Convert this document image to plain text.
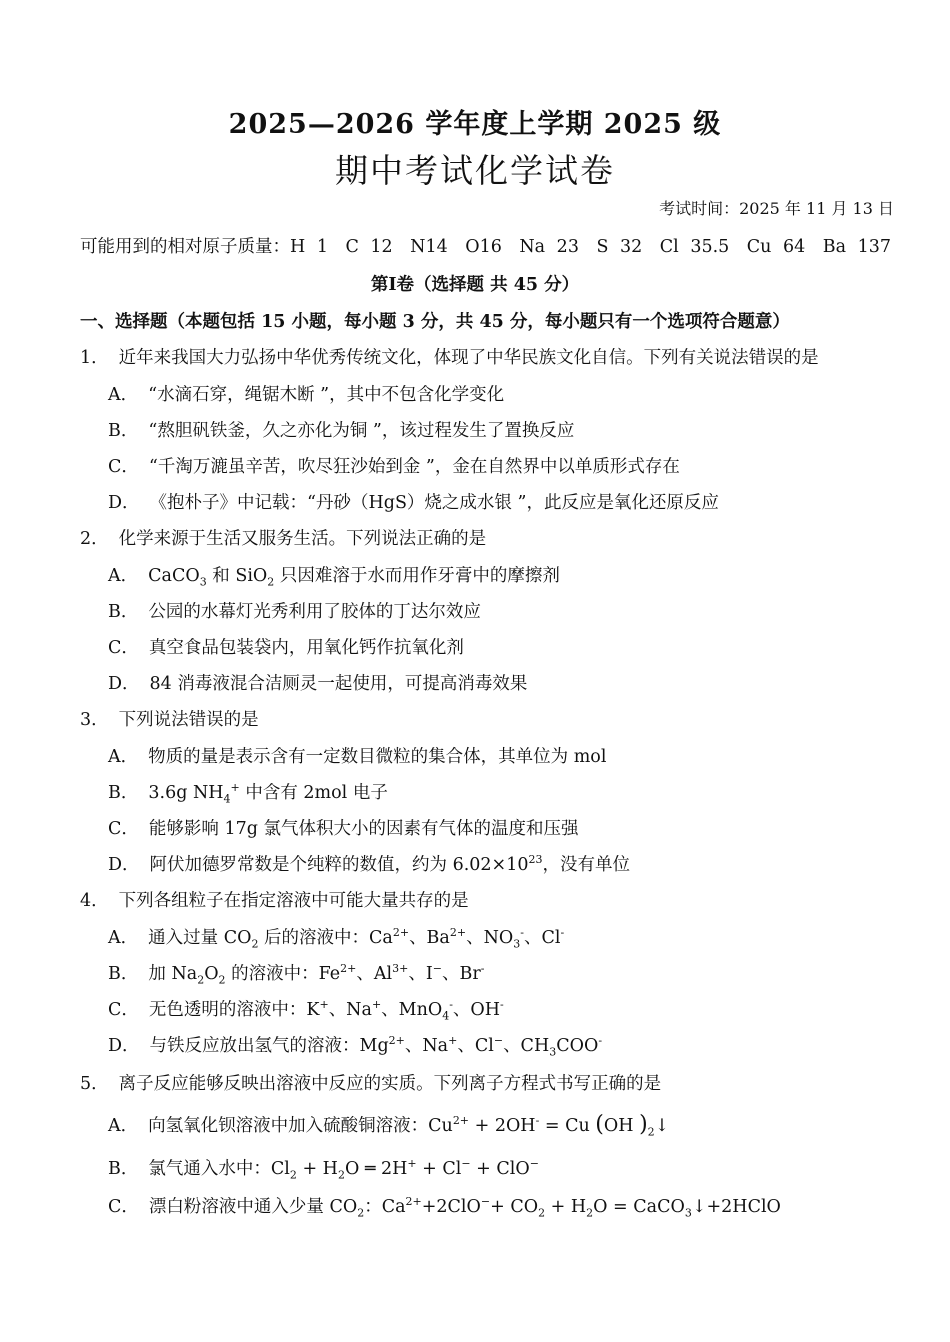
2025—2026 学年度上学期 2025 级
期中考试化学试卷
考试时间：2025 年 11 月 13 日
可能用到的相对原子质量：H 1　C 12　N14　O16　Na 23　S 32　Cl 35.5　Cu 64　Ba 137
第Ⅰ卷（选择题 共 45 分）
一、选择题（本题包括 15 小题，每小题 3 分，共 45 分，每小题只有一个选项符合题意）
1． 近年来我国大力弘扬中华优秀传统文化，体现了中华民族文化自信。下列有关说法错误的是
A． “水滴石穿，绳锯木断 ”，其中不包含化学变化
B． “熬胆矾铁釜，久之亦化为铜 ”，该过程发生了置换反应
C． “千淘万漉虽辛苦，吹尽狂沙始到金 ”，金在自然界中以单质形式存在
D． 《抱朴子》中记载：“丹砂（HgS）烧之成水银 ”，此反应是氧化还原反应
2． 化学来源于生活又服务生活。下列说法正确的是
A． CaCO$_3$ 和 SiO$_2$ 只因难溶于水而用作牙膏中的摩擦剂
B． 公园的水幕灯光秀利用了胶体的丁达尔效应
C． 真空食品包装袋内，用氧化钙作抗氧化剂
D． 84 消毒液混合洁厕灵一起使用，可提高消毒效果
3． 下列说法错误的是
A． 物质的量是表示含有一定数目微粒的集合体，其单位为 mol
B． 3.6g $NH_4^+$ 中含有 2mol 电子
C． 能够影响 17g 氯气体积大小的因素有气体的温度和压强
D． 阿伏加德罗常数是个纯粹的数值，约为 $6.02\times 10^{23}$，没有单位
4． 下列各组粒子在指定溶液中可能大量共存的是
A． 通入过量 $CO_2$ 后的溶液中：$Ca^{2+}$、$Ba^{2+}$、$NO_3^-$、Cl-
B． 加 $Na_2O_2$ 的溶液中：$Fe^{2+}$、$Al^{3+}$、I−、Br-
C． 无色透明的溶液中：K+、Na+、MnO$_4$-、OH-
D． 与铁反应放出氢气的溶液：$Mg^{2+}$、Na+、Cl−、$CH_3COO^-$
5． 离子反应能够反映出溶液中反应的实质。下列离子方程式书写正确的是
A． 向氢氧化钡溶液中加入硫酸铜溶液：$Cu^{2+} + 2OH^- = Cu$ (OH )$_2↓$
B． 氯气通入水中：$Cl_2 + H_2O$ ═ 2H+ + Cl− + ClO−
C． 漂白粉溶液中通入少量 $CO_2$：$Ca^{2+}+2ClO^-+ CO_2 + H_2O$ = CaCO$_3$↓+2HClO
